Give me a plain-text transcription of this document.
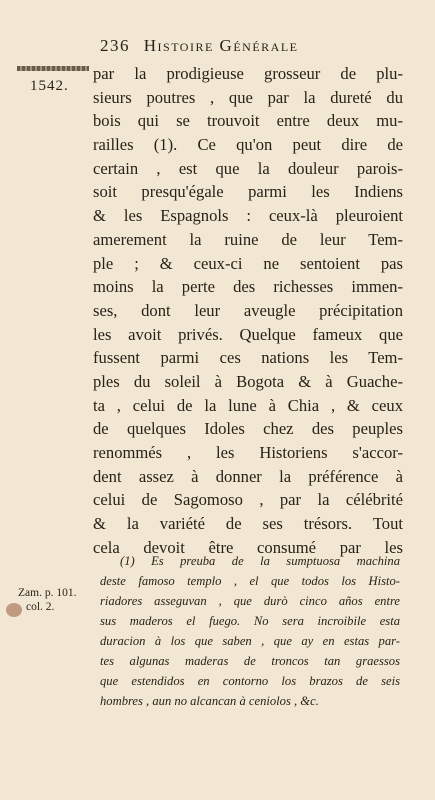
236 Histoire Générale
1542.
par la prodigieuse grosseur de plu-
sieurs poutres , que par la dureté du
bois qui se trouvoit entre deux mu-
railles (1). Ce qu'on peut dire de
certain , est que la douleur parois-
soit presqu'égale parmi les Indiens
& les Espagnols : ceux-là pleuroient
amerement la ruine de leur Tem-
ple ; & ceux-ci ne sentoient pas
moins la perte des richesses immen-
ses, dont leur aveugle précipitation
les avoit privés. Quelque fameux que
fussent parmi ces nations les Tem-
ples du soleil à Bogota & à Guache-
ta , celui de la lune à Chia , & ceux
de quelques Idoles chez des peuples
renommés , les Historiens s'accor-
dent assez à donner la préférence à
celui de Sagomoso , par la célébrité
& la variété de ses trésors. Tout
cela devoit être consumé par les
Zam. p. 101.
col. 2.
(1) Es preuba de la sumptuosa machina
deste famoso templo , el que todos los Histo-
riadores asseguvan , que durò cinco años entre
sus maderos el fuego. No sera incroibile esta
duracion à los que saben , que ay en estas par-
tes algunas maderas de troncos tan graessos
que estendidos en contorno los brazos de seis
hombres , aun no alcancan à ceniolos , &c.
